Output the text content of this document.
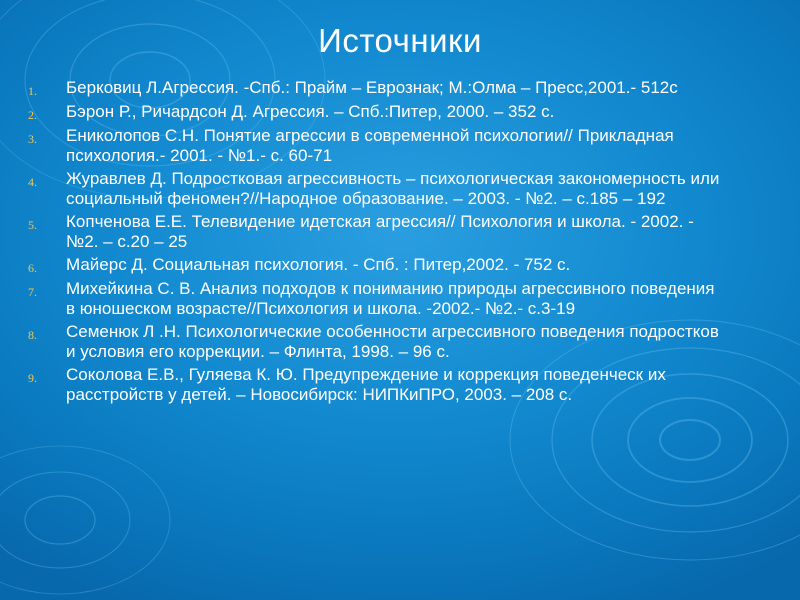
Источники
1.	Берковиц Л.Агрессия. -Спб.: Прайм – Еврознак; М.:Олма – Пресс,2001.- 512с
2.	Бэрон Р., Ричардсон Д. Агрессия. – Спб.:Питер, 2000. – 352 с.
3.	Ениколопов С.Н. Понятие агрессии в современной психологии// Прикладная психология.- 2001. - №1.- с. 60-71
4.	Журавлев Д. Подростковая агрессивность – психологическая закономерность или социальный феномен?//Народное образование. – 2003. - №2. – с.185 – 192
5.	Копченова Е.Е. Телевидение идетская агрессия// Психология и школа. - 2002. - №2. – с.20 – 25
6.	Майерс Д. Социальная психология. - Спб. : Питер,2002. - 752 с.
7.	Михейкина С. В. Анализ подходов к пониманию природы агрессивного поведения в юношеском возрасте//Психология и школа. -2002.- №2.- с.3-19
8.	Семенюк Л .Н. Психологические особенности агрессивного поведения подростков и условия его коррекции. – Флинта, 1998. – 96 с.
9.	Соколова Е.В., Гуляева К. Ю. Предупреждение и коррекция поведенческ их расстройств у детей. – Новосибирск: НИПКиПРО, 2003. – 208 с.
